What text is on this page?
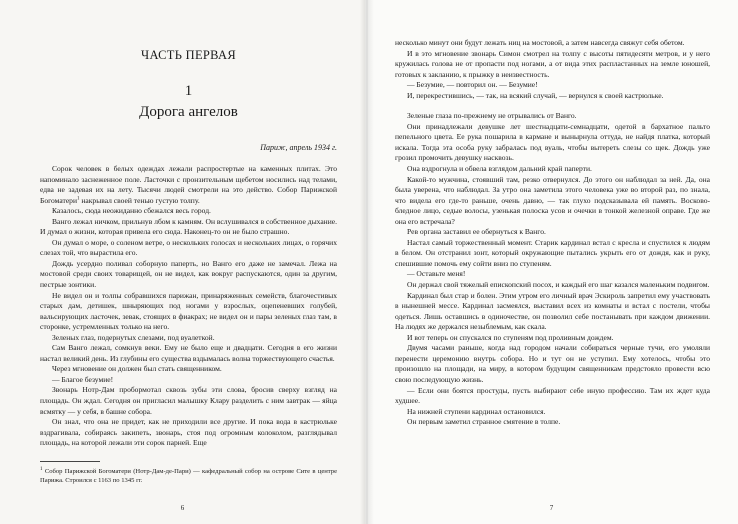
ЧАСТЬ ПЕРВАЯ
1
Дорога ангелов
Париж, апрель 1934 г.

Сорок человек в белых одеждах лежали распростертые на каменных плитах. Это напоминало заснеженное поле. Ласточки с пронзительным щебетом носились над телами, едва не задевая их на лету. Тысячи людей смотрели на это действо. Собор Парижской Богоматери$^1$ накрывал своей тенью густую толпу.

Казалось, сюда неожиданно сбежался весь город.

Ванго лежал ничком, прильнув лбом к камням. Он вслушивался в собственное дыхание. И думал о жизни, которая привела его сюда. Наконец-то он не было страшно.

Он думал о море, о соленом ветре, о нескольких голосах и нескольких лицах, о горячих слезах той, что вырастила его.

Дождь усердно поливал соборную паперть, но Ванго его даже не замечал. Лежа на мостовой среди своих товарищей, он не видел, как вокруг распускаются, один за другим, пестрые зонтики.

Не видел он и толпы собравшихся парижан, принаряженных семейств, благочестивых старых дам, детишек, шныряющих под ногами у взрослых, оцепеневших голубей, вальсирующих ласточек, зевак, стоящих в фиакрах; не видел он и пары зеленых глаз там, в сторонке, устремленных только на него.

Зеленых глаз, подернутых слезами, под вуалеткой.

Сам Ванго лежал, сомкнув веки. Ему не было еще и двадцати. Сегодня в его жизни настал великий день. Из глубины его существа вздымалась волна торжествующего счастья.

Через мгновение он должен был стать священником.

— Благое безумие!

Звонарь Нотр-Дам пробормотал сквозь зубы эти слова, бросив сверху взгляд на площадь. Он ждал. Сегодня он пригласил малышку Клару разделить с ним завтрак — яйца всмятку — у себя, в башне собора.

Он знал, что она не придет, как не приходили все другие. И пока вода в кастрюльке вздрагивала, собираясь закипеть, звонарь, стоя под огромным колоколом, разглядывал площадь, на которой лежали эти сорок парней. Еще

$^1$ Собор Парижской Богоматери (Нотр-Дам-де-Пари) — кафедральный собор на острове Сите в центре Парижа. Строился с 1163 по 1345 гг.
6

несколько минут они будут лежать ниц на мостовой, а затем навсегда свяжут себя обетом.

И в это мгновение звонарь Симон смотрел на толпу с высоты пятидесяти метров, и у него кружилась голова не от пропасти под ногами, а от вида этих распластанных на земле юношей, готовых к закланию, к прыжку в неизвестность.

— Безумие, — повторил он. — Безумие!

И, перекрестившись, — так, на всякий случай, — вернулся к своей кастрюльке.

Зеленые глаза по-прежнему не отрывались от Ванго.

Они принадлежали девушке лет шестнадцати-семнадцати, одетой в бархатное пальто пепельного цвета. Ее рука пошарила в кармане и вынырнула оттуда, не найдя платка, который искала. Тогда эта особа руку забралась под вуаль, чтобы вытереть слезы со щек. Дождь уже грозил промочить девушку насквозь.

Она вздрогнула и обвела взглядом дальний край паперти.

Какой-то мужчина, стоявший там, резко отвернулся. До этого он наблюдал за ней. Да, она была уверена, что наблюдал. За утро она заметила этого человека уже во второй раз, по знала, что видела его где-то раньше, очень давно, — так глухо подсказывала ей память. Восково-бледное лицо, седые волосы, узенькая полоска усов и очечки в тонкой железной оправе. Где же она его встречала?

Рев органа заставил ее обернуться к Ванго.

Настал самый торжественный момент. Старик кардинал встал с кресла и спустился к людям в белом. Он отстранил зонт, который окружающие пытались укрыть его от дождя, как и руку, спешившие помочь ему сойти вниз по ступеням.

— Оставьте меня!

Он держал свой тяжелый епископский посох, и каждый его шаг казался маленьким подвигом.

Кардинал был стар и болен. Этим утром его личный врач Эскироль запретил ему участвовать в нынешней мессе. Кардинал засмеялся, выставил всех из комнаты и встал с постели, чтобы одеться. Лишь оставшись в одиночестве, он позволил себе постанывать при каждом движении. На людях же держался незыблемым, как скала.

И вот теперь он спускался по ступеням под проливным дождем.

Двумя часами раньше, когда над городом начали собираться черные тучи, его умоляли перенести церемонию внутрь собора. Но и тут он не уступил. Ему хотелось, чтобы это произошло на площади, на миру, в котором будущим священникам предстояло провести всю свою последующую жизнь.

— Если они боятся простуды, пусть выбирают себе иную профессию. Там их ждет куда худшее.

На нижней ступени кардинал остановился.

Он первым заметил странное смятение в толпе.

7
